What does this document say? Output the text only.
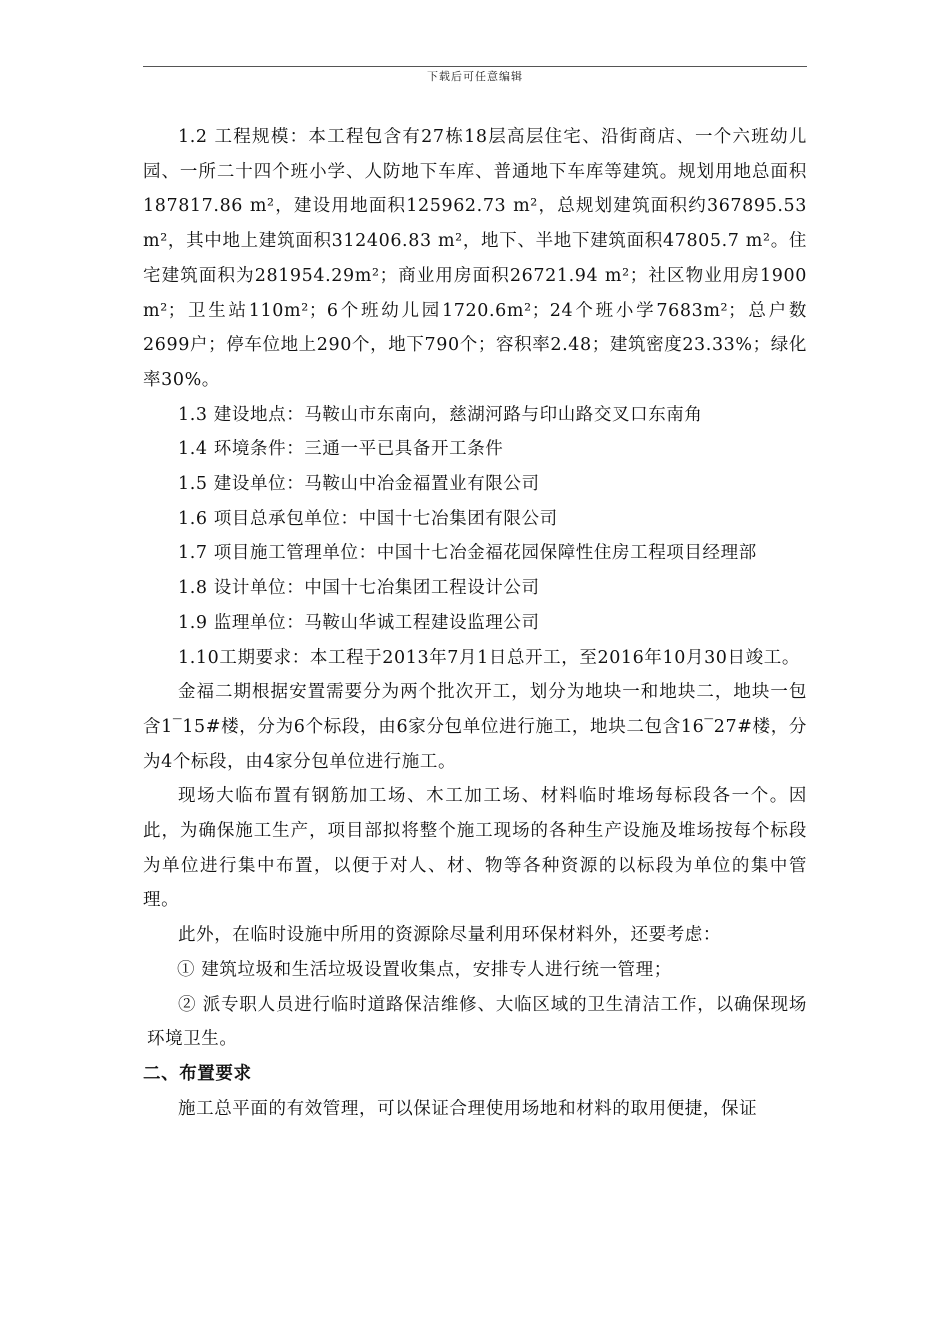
下载后可任意编辑

1.2 工程规模：本工程包含有27栋18层高层住宅、沿街商店、一个六班幼儿园、一所二十四个班小学、人防地下车库、普通地下车库等建筑。规划用地总面积187817.86 m²，建设用地面积125962.73 m²，总规划建筑面积约367895.53 m²，其中地上建筑面积312406.83 m²，地下、半地下建筑面积47805.7 m²。住宅建筑面积为281954.29m²；商业用房面积26721.94 m²；社区物业用房1900 m²；卫生站110m²；6个班幼儿园1720.6m²；24个班小学7683m²；总户数2699户；停车位地上290个，地下790个；容积率2.48；建筑密度23.33%；绿化率30%。

1.3 建设地点：马鞍山市东南向，慈湖河路与印山路交叉口东南角

1.4 环境条件：三通一平已具备开工条件

1.5 建设单位：马鞍山中冶金福置业有限公司

1.6 项目总承包单位：中国十七冶集团有限公司

1.7 项目施工管理单位：中国十七冶金福花园保障性住房工程项目经理部

1.8 设计单位：中国十七冶集团工程设计公司

1.9 监理单位：马鞍山华诚工程建设监理公司

1.10工期要求：本工程于2013年7月1日总开工，至2016年10月30日竣工。

金福二期根据安置需要分为两个批次开工，划分为地块一和地块二，地块一包含1‾15#楼，分为6个标段，由6家分包单位进行施工，地块二包含16‾27#楼，分为4个标段，由4家分包单位进行施工。

现场大临布置有钢筋加工场、木工加工场、材料临时堆场每标段各一个。因此，为确保施工生产，项目部拟将整个施工现场的各种生产设施及堆场按每个标段为单位进行集中布置，以便于对人、材、物等各种资源的以标段为单位的集中管理。

此外，在临时设施中所用的资源除尽量利用环保材料外，还要考虑：

① 建筑垃圾和生活垃圾设置收集点，安排专人进行统一管理；

② 派专职人员进行临时道路保洁维修、大临区域的卫生清洁工作，以确保现场环境卫生。

二、布置要求

施工总平面的有效管理，可以保证合理使用场地和材料的取用便捷，保证
